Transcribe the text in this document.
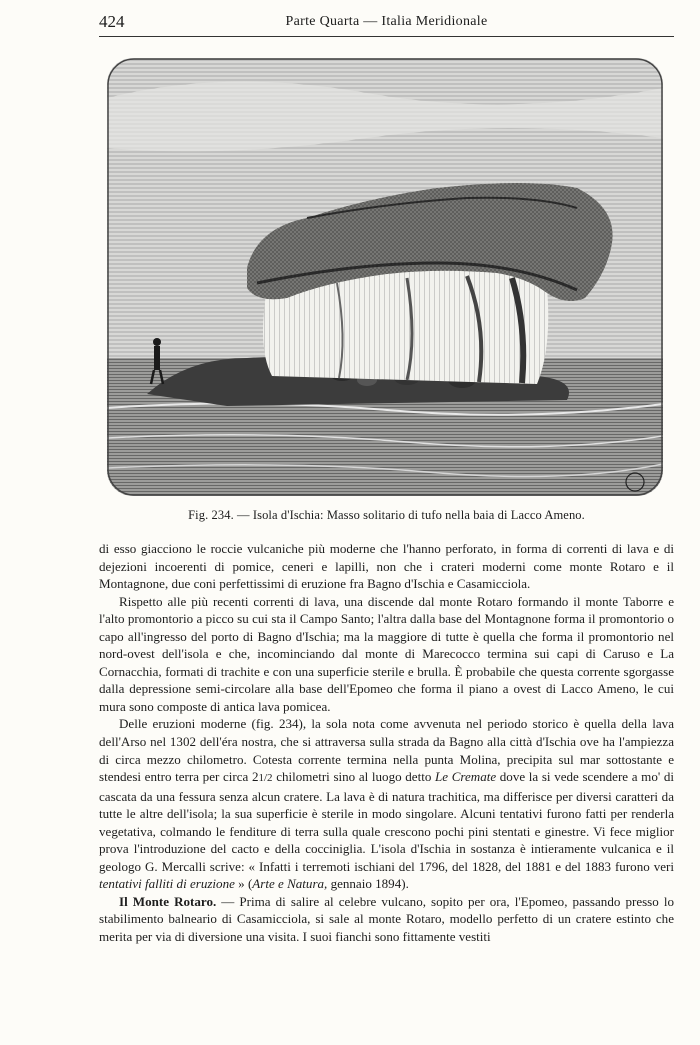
424	Parte Quarta — Italia Meridionale
Fig. 234. — Isola d'Ischia: Masso solitario di tufo nella baia di Lacco Ameno.

di esso giacciono le roccie vulcaniche più moderne che l'hanno perforato, in forma di correnti di lava e di dejezioni incoerenti di pomice, ceneri e lapilli, non che i crateri moderni come monte Rotaro e il Montagnone, due coni perfettissimi di eruzione fra Bagno d'Ischia e Casamicciola.

Rispetto alle più recenti correnti di lava, una discende dal monte Rotaro formando il monte Taborre e l'alto promontorio a picco su cui sta il Campo Santo; l'altra dalla base del Montagnone forma il promontorio o capo all'ingresso del porto di Bagno d'Ischia; ma la maggiore di tutte è quella che forma il promontorio nel nord-ovest dell'isola e che, incominciando dal monte di Marecocco termina sui capi di Caruso e La Cornacchia, formati di trachite e con una superficie sterile e brulla. È probabile che questa corrente sgorgasse dalla depressione semi-circolare alla base dell'Epomeo che forma il piano a ovest di Lacco Ameno, le cui mura sono composte di antica lava pomicea.

Delle eruzioni moderne (fig. 234), la sola nota come avvenuta nel periodo storico è quella della lava dell'Arso nel 1302 dell'éra nostra, che si attraversa sulla strada da Bagno alla città d'Ischia ove ha l'ampiezza di circa mezzo chilometro. Cotesta corrente termina nella punta Molina, precipita sul mar sottostante e stendesi entro terra per circa 21/2 chilometri sino al luogo detto Le Cremate dove la si vede scendere a mo' di cascata da una fessura senza alcun cratere. La lava è di natura trachitica, ma differisce per diversi caratteri da tutte le altre dell'isola; la sua superficie è sterile in modo singolare. Alcuni tentativi furono fatti per renderla vegetativa, colmando le fenditure di terra sulla quale crescono pochi pini stentati e ginestre. Vi fece miglior prova l'introduzione del cacto e della cocciniglia. L'isola d'Ischia in sostanza è intieramente vulcanica e il geologo G. Mercalli scrive: « Infatti i terremoti ischiani del 1796, del 1828, del 1881 e del 1883 furono veri tentativi falliti di eruzione » (Arte e Natura, gennaio 1894).

Il Monte Rotaro. — Prima di salire al celebre vulcano, sopito per ora, l'Epomeo, passando presso lo stabilimento balneario di Casamicciola, si sale al monte Rotaro, modello perfetto di un cratere estinto che merita per via di diversione una visita. I suoi fianchi sono fittamente vestiti
